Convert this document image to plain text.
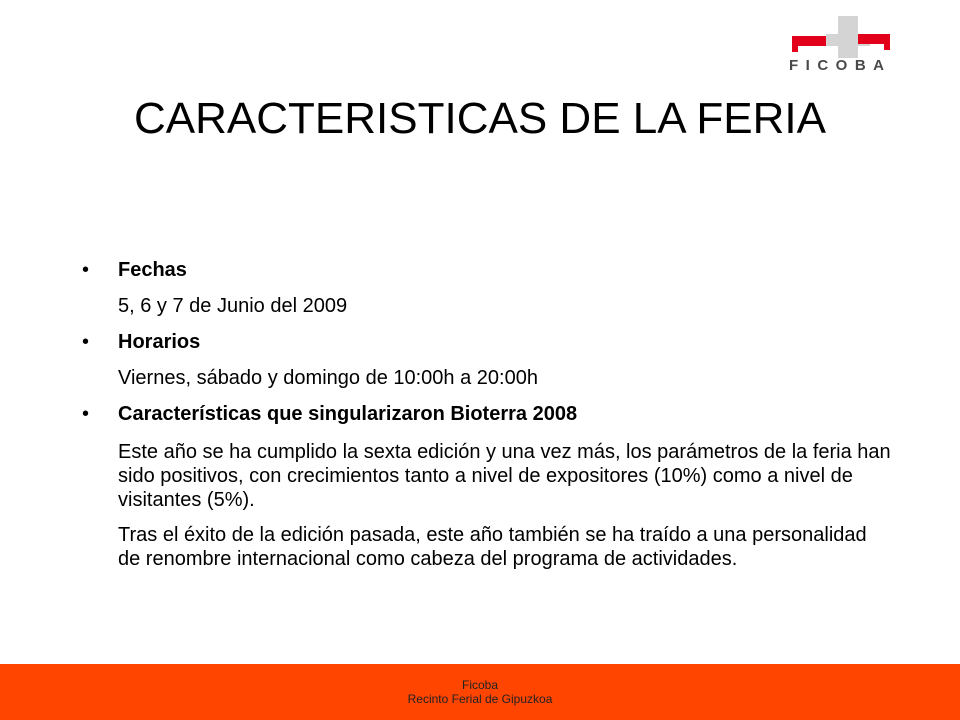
FICOBA
CARACTERISTICAS DE LA FERIA
• Fechas
5, 6 y 7 de Junio del 2009
• Horarios
Viernes, sábado y domingo de 10:00h a 20:00h
• Características que singularizaron Bioterra 2008
Este año se ha cumplido la sexta edición y una vez más, los parámetros de la feria han sido positivos, con crecimientos tanto a nivel de expositores (10%) como a nivel de visitantes (5%).
Tras el éxito de la edición pasada, este año también se ha traído a una personalidad de renombre internacional como cabeza del programa de actividades.
Ficoba
Recinto Ferial de Gipuzkoa
